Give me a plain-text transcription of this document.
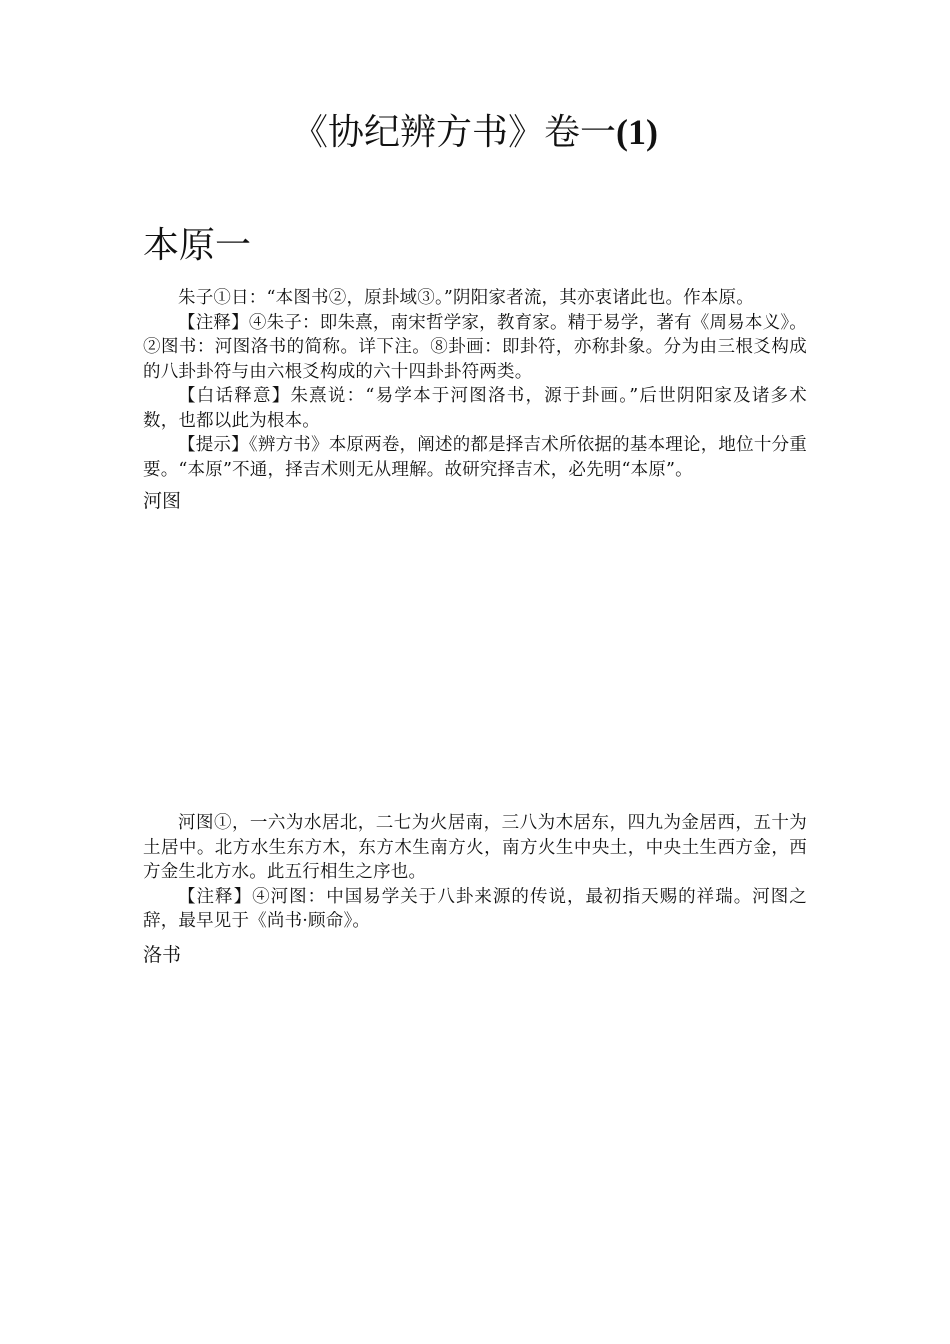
《协纪辨方书》卷一(1)
本原一

朱子①日：“本图书②，原卦域③。”阴阳家者流，其亦衷诸此也。作本原。

【注释】④朱子：即朱熹，南宋哲学家，教育家。精于易学，著有《周易本义》。②图书：河图洛书的简称。详下注。⑧卦画：即卦符，亦称卦象。分为由三根爻构成的八卦卦符与由六根爻构成的六十四卦卦符两类。

【白话释意】朱熹说：“易学本于河图洛书，源于卦画。”后世阴阳家及诸多术数，也都以此为根本。

【提示】《辨方书》本原两卷，阐述的都是择吉术所依据的基本理论，地位十分重要。“本原”不通，择吉术则无从理解。故研究择吉术，必先明“本原”。

河图

河图①，一六为水居北，二七为火居南，三八为木居东，四九为金居西，五十为土居中。北方水生东方木，东方木生南方火，南方火生中央土，中央土生西方金，西方金生北方水。此五行相生之序也。

【注释】④河图：中国易学关于八卦来源的传说，最初指天赐的祥瑞。河图之辞，最早见于《尚书·顾命》。

洛书
